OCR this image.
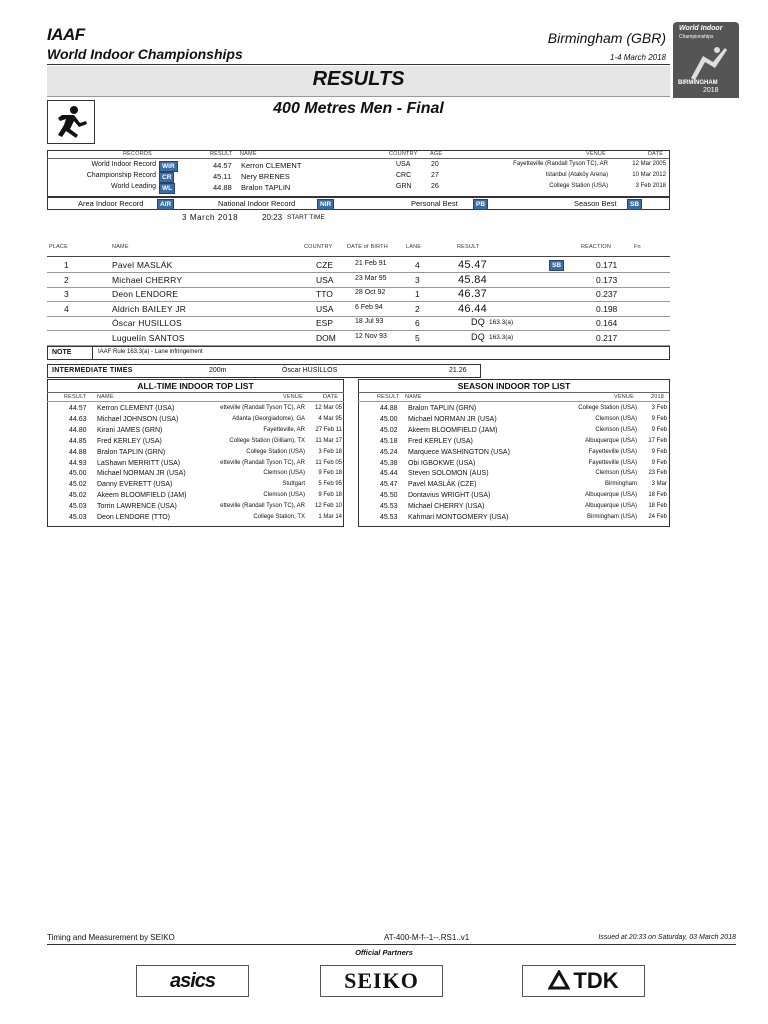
IAAF
World Indoor Championships
Birmingham (GBR)
1-4 March 2018
World Indoor
Championships
BIRMINGHAM
2018
RESULTS
400 Metres Men - Final
RECORDS	RESULT NAME	COUNTRY AGE	VENUE	DATE
World Indoor Record WIR	44.57 Kerron CLEMENT	USA	20	Fayetteville (Randall Tyson TC), AR	12 Mar 2005
Championship Record CR	45.11 Nery BRENES	CRC	27	Istanbul (Ataköy Arena)	10 Mar 2012
World Leading WL	44.88 Bralon TAPLIN	GRN	26	College Station (USA)	3 Feb 2018
Area Indoor Record	AIR	National Indoor Record	NIR	Personal Best	PB	Season Best	SB
3 March 2018	20:23 START TIME
PLACE	NAME	COUNTRY	DATE of BIRTH	LANE	RESULT	REACTION	Fn
1	Pavel MASLÁK	CZE	21 Feb 91	4	45.47	SB	0.171
2	Michael CHERRY	USA	23 Mar 95	3	45.84	0.173
3	Deon LENDORE	TTO	28 Oct 92	1	46.37	0.237
4	Aldrich BAILEY JR	USA	6 Feb 94	2	46.44	0.198
Óscar HUSILLOS	ESP	18 Jul 93	6	DQ 163.3(a)	0.164
Luguelín SANTOS	DOM	12 Nov 93	5	DQ 163.3(a)	0.217
NOTE	IAAF Rule 163.3(a) - Lane infringement
INTERMEDIATE TIMES	200m	Óscar HUSILLOS	21.26
ALL-TIME INDOOR TOP LIST	SEASON INDOOR TOP LIST
RESULT NAME	VENUE	DATE	RESULT NAME	VENUE	2018
44.57 Kerron CLEMENT (USA)	etteville (Randall Tyson TC), AR 12 Mar 05
44.63 Michael JOHNSON (USA)	Atlanta (Georgiadome), GA 4 Mar 95
44.80 Kirani JAMES (GRN)	Fayetteville, AR 27 Feb 11
44.85 Fred KERLEY (USA)	College Station (Gilliam), TX 11 Mar 17
44.88 Bralon TAPLIN (GRN)	College Station (USA) 3 Feb 18
44.93 LaShawn MERRITT (USA)	etteville (Randall Tyson TC), AR 11 Feb 05
45.00 Michael NORMAN JR (USA)	Clemson (USA) 9 Feb 18
45.02 Danny EVERETT (USA)	Stuttgart 5 Feb 95
45.02 Akeem BLOOMFIELD (JAM)	Clemson (USA) 9 Feb 18
45.03 Torrin LAWRENCE (USA)	etteville (Randall Tyson TC), AR 12 Feb 10
45.03 Deon LENDORE (TTO)	College Station, TX 1 Mar 14
44.88 Bralon TAPLIN (GRN)	College Station (USA) 3 Feb
45.00 Michael NORMAN JR (USA)	Clemson (USA) 9 Feb
45.02 Akeem BLOOMFIELD (JAM)	Clemson (USA) 9 Feb
45.18 Fred KERLEY (USA)	Albuquerque (USA) 17 Feb
45.24 Marquece WASHINGTON (USA)	Fayetteville (USA) 9 Feb
45.38 Obi IGBOKWE (USA)	Fayetteville (USA) 9 Feb
45.44 Steven SOLOMON (AUS)	Clemson (USA) 23 Feb
45.47 Pavel MASLÁK (CZE)	Birmingham 3 Mar
45.50 Dontavius WRIGHT (USA)	Albuquerque (USA) 18 Feb
45.53 Michael CHERRY (USA)	Albuquerque (USA) 18 Feb
45.53 Kahmari MONTGOMERY (USA)	Birmingham (USA) 24 Feb
Timing and Measurement by SEIKO	AT-400-M-f--1--.RS1..v1	Issued at 20:33 on Saturday, 03 March 2018
Official Partners
asics	SEIKO	TDK
